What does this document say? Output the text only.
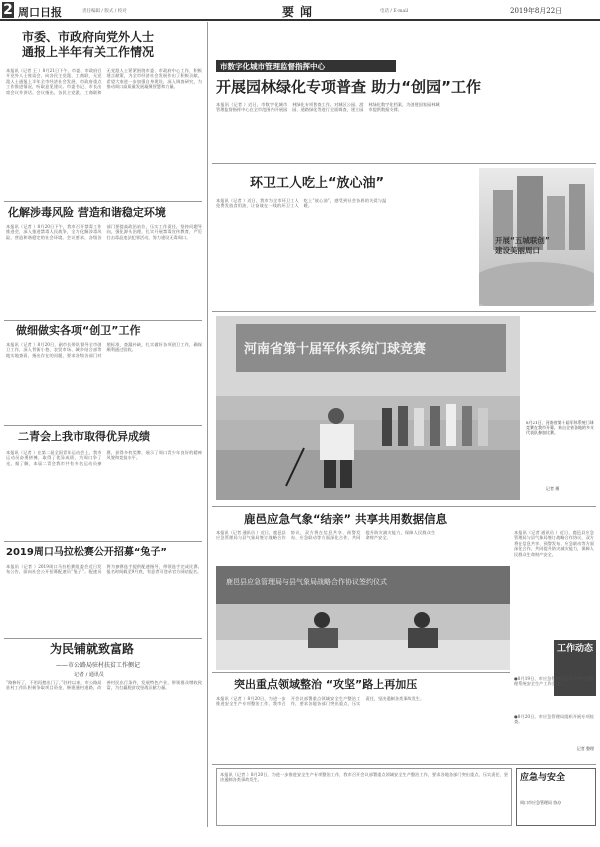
2 周口日报	责任编辑 / 版式 / 校对	要闻	电话 / E-mail	2019年8月22日
市委、市政府向党外人士
通报上半年有关工作情况
本报讯（记者 王 ）8月21日下午，市委、市政府召开党外人士座谈会，向各民主党派、工商联、无党派人士通报上半年全市经济社会发展、市政府重点工作推进情况，听取意见建议。市委书记、市长出席会议并讲话。会议指出，各民主党派、工商联和无党派人士紧紧围绕市委、市政府中心工作，积极建言献策，为全市经济社会发展作出了积极贡献。希望大家进一步加强自身建设，深入调查研究，为推动周口高质量发展凝聚智慧和力量。
化解涉毒风险 营造和谐稳定环境
本报讯（记者 ）8月20日下午，我市召开禁毒工作推进会，深入推进禁毒人民战争，全力化解涉毒风险，营造和谐稳定的社会环境。会议要求，各级各部门要提高政治站位，压实工作责任，坚持问题导向，强化源头治理，扎实开展禁毒宣传教育，严厉打击毒品违法犯罪活动，努力建设无毒周口。
做细做实各项“创卫”工作
本报讯（记者 ）8月20日，副市长带队督导全市创卫工作，深入背街小巷、农贸市场、城乡结合部等地实地查看，指出存在的问题，要求各级各部门对照标准，查漏补缺，扎实做好各项创卫工作，确保顺利通过验收。
二青会上我市取得优异成绩
本报讯（记者 ）在第二届全国青年运动会上，我市运动员奋勇拼搏，取得了优异成绩，为周口争了光。据了解，本届二青会我市共有多名运动员参赛，获得多枚奖牌，展示了周口青少年良好的精神风貌和竞技水平。
2019周口马拉松赛公开招募“兔子”
本报讯（记者 ）2019周口马拉松赛组委会近日发布公告，面向社会公开招募配速员“兔子”。配速员将为参赛选手提供配速指导，带领选手完成比赛。报名时间截至9月底，有意者可登录官方网站报名。
为民铺就致富路
——市公路局驻村扶贫工作侧记
记者 / 通讯员
“路修好了，不用再愁出门了。”驻村以来，市公路局驻村工作队积极争取项目资金，修建通村道路，改善村民出行条件，发展特色产业，带领群众增收致富，为打赢脱贫攻坚战贡献力量。
市数字化城市管理监督指挥中心
开展园林绿化专项普查 助力“创园”工作
本报讯（记者 ）近日，市数字化城市管理监督指挥中心在全市范围内开展园林绿化专项普查工作，对城区公园、游园、道路绿化等进行全面调查，建立园林绿化数字化档案，为创建国家园林城市提供数据支撑。
环卫工人吃上“放心油”
本报讯（记者 ）近日，我市为全市环卫工人免费发放食用油，让奋战在一线的环卫工人吃上“放心油”，感受到社会各界的关爱与温暖。
开展“五城联创”
建设美丽周口
河南省第十届军休系统门球竞赛
8月21日，河南省第十届军休系统门球竞赛在我市开幕，来自全省各地的多支代表队参加比赛。
记者 摄
鹿邑应急气象“结亲” 共享共用数据信息
本报讯（记者 通讯员 ）近日，鹿邑县应急管理局与县气象局签订战略合作协议，双方将在信息共享、预警发布、应急联动等方面深化合作，共同提升防灾减灾能力，保障人民群众生命财产安全。
本报讯（记者 通讯员 ）近日，鹿邑县应急管理局与县气象局签订战略合作协议，双方将在信息共享、预警发布、应急联动等方面深化合作，共同提升防灾减灾能力，保障人民群众生命财产安全。
鹿邑县应急管理局与县气象局战略合作协议签约仪式
工作动态
●8月19日，市应急管理局召开全市应急管理系统安全生产工作会议。
●8月20日，市应急管理局组织开展专项检查。
记者 整理
突出重点领域整治 “攻坚”路上再加压
本报讯（记者 ）8月20日，为进一步推进安全生产专项整治工作，我市召开会议部署重点领域安全生产整治工作，要求各地各部门突出重点，压实责任，坚决遏制各类事故发生。
本报讯（记者 ）8月20日，为进一步推进安全生产专项整治工作，我市召开会议部署重点领域安全生产整治工作，要求各地各部门突出重点，压实责任，坚决遏制各类事故发生。	应急与安全
周口市应急管理局 协办
